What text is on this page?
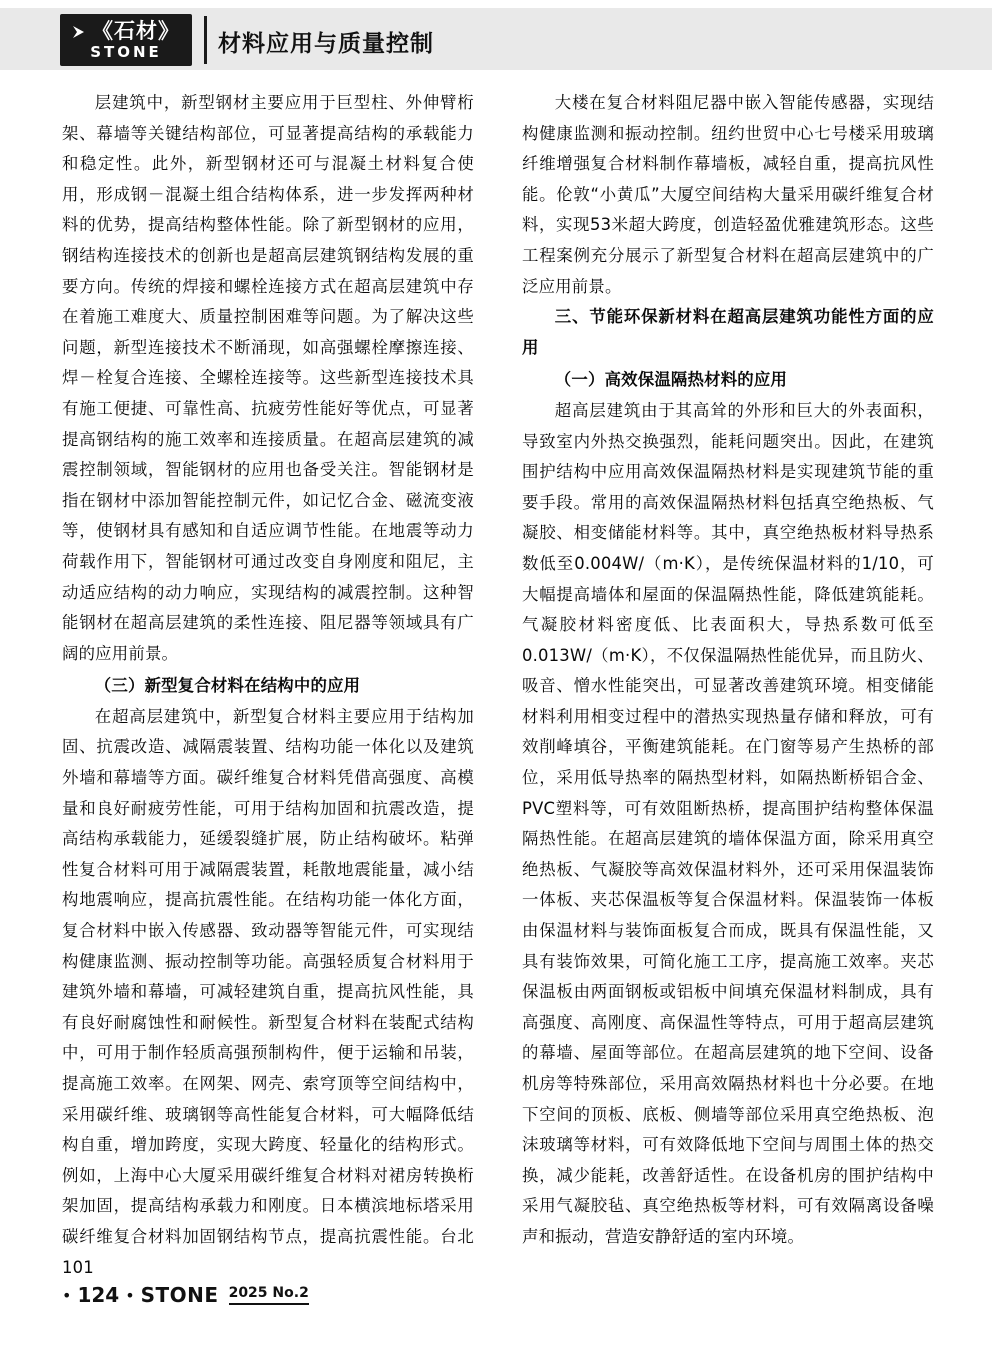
《石材》
STONE 材料应用与质量控制

层建筑中，新型钢材主要应用于巨型柱、外伸臂桁架、幕墙等关键结构部位，可显著提高结构的承载能力和稳定性。此外，新型钢材还可与混凝土材料复合使用，形成钢－混凝土组合结构体系，进一步发挥两种材料的优势，提高结构整体性能。除了新型钢材的应用，钢结构连接技术的创新也是超高层建筑钢结构发展的重要方向。传统的焊接和螺栓连接方式在超高层建筑中存在着施工难度大、质量控制困难等问题。为了解决这些问题，新型连接技术不断涌现，如高强螺栓摩擦连接、焊－栓复合连接、全螺栓连接等。这些新型连接技术具有施工便捷、可靠性高、抗疲劳性能好等优点，可显著提高钢结构的施工效率和连接质量。在超高层建筑的减震控制领域，智能钢材的应用也备受关注。智能钢材是指在钢材中添加智能控制元件，如记忆合金、磁流变液等，使钢材具有感知和自适应调节性能。在地震等动力荷载作用下，智能钢材可通过改变自身刚度和阻尼，主动适应结构的动力响应，实现结构的减震控制。这种智能钢材在超高层建筑的柔性连接、阻尼器等领域具有广阔的应用前景。

（三）新型复合材料在结构中的应用

在超高层建筑中，新型复合材料主要应用于结构加固、抗震改造、减隔震装置、结构功能一体化以及建筑外墙和幕墙等方面。碳纤维复合材料凭借高强度、高模量和良好耐疲劳性能，可用于结构加固和抗震改造，提高结构承载能力，延缓裂缝扩展，防止结构破坏。粘弹性复合材料可用于减隔震装置，耗散地震能量，减小结构地震响应，提高抗震性能。在结构功能一体化方面，复合材料中嵌入传感器、致动器等智能元件，可实现结构健康监测、振动控制等功能。高强轻质复合材料用于建筑外墙和幕墙，可减轻建筑自重，提高抗风性能，具有良好耐腐蚀性和耐候性。新型复合材料在装配式结构中，可用于制作轻质高强预制构件，便于运输和吊装，提高施工效率。在网架、网壳、索穹顶等空间结构中，采用碳纤维、玻璃钢等高性能复合材料，可大幅降低结构自重，增加跨度，实现大跨度、轻量化的结构形式。例如，上海中心大厦采用碳纤维复合材料对裙房转换桁架加固，提高结构承载力和刚度。日本横滨地标塔采用碳纤维复合材料加固钢结构节点，提高抗震性能。台北101

大楼在复合材料阻尼器中嵌入智能传感器，实现结构健康监测和振动控制。纽约世贸中心七号楼采用玻璃纤维增强复合材料制作幕墙板，减轻自重，提高抗风性能。伦敦“小黄瓜”大厦空间结构大量采用碳纤维复合材料，实现53米超大跨度，创造轻盈优雅建筑形态。这些工程案例充分展示了新型复合材料在超高层建筑中的广泛应用前景。

三、节能环保新材料在超高层建筑功能性方面的应用

（一）高效保温隔热材料的应用

超高层建筑由于其高耸的外形和巨大的外表面积，导致室内外热交换强烈，能耗问题突出。因此，在建筑围护结构中应用高效保温隔热材料是实现建筑节能的重要手段。常用的高效保温隔热材料包括真空绝热板、气凝胶、相变储能材料等。其中，真空绝热板材料导热系数低至0.004W/（m·K），是传统保温材料的1/10，可大幅提高墙体和屋面的保温隔热性能，降低建筑能耗。气凝胶材料密度低、比表面积大，导热系数可低至0.013W/（m·K），不仅保温隔热性能优异，而且防火、吸音、憎水性能突出，可显著改善建筑环境。相变储能材料利用相变过程中的潜热实现热量存储和释放，可有效削峰填谷，平衡建筑能耗。在门窗等易产生热桥的部位，采用低导热率的隔热型材料，如隔热断桥铝合金、PVC塑料等，可有效阻断热桥，提高围护结构整体保温隔热性能。在超高层建筑的墙体保温方面，除采用真空绝热板、气凝胶等高效保温材料外，还可采用保温装饰一体板、夹芯保温板等复合保温材料。保温装饰一体板由保温材料与装饰面板复合而成，既具有保温性能，又具有装饰效果，可简化施工工序，提高施工效率。夹芯保温板由两面钢板或铝板中间填充保温材料制成，具有高强度、高刚度、高保温性等特点，可用于超高层建筑的幕墙、屋面等部位。在超高层建筑的地下空间、设备机房等特殊部位，采用高效隔热材料也十分必要。在地下空间的顶板、底板、侧墙等部位采用真空绝热板、泡沫玻璃等材料，可有效降低地下空间与周围土体的热交换，减少能耗，改善舒适性。在设备机房的围护结构中采用气凝胶毡、真空绝热板等材料，可有效隔离设备噪声和振动，营造安静舒适的室内环境。

• 124 • STONE 2025 No.2
